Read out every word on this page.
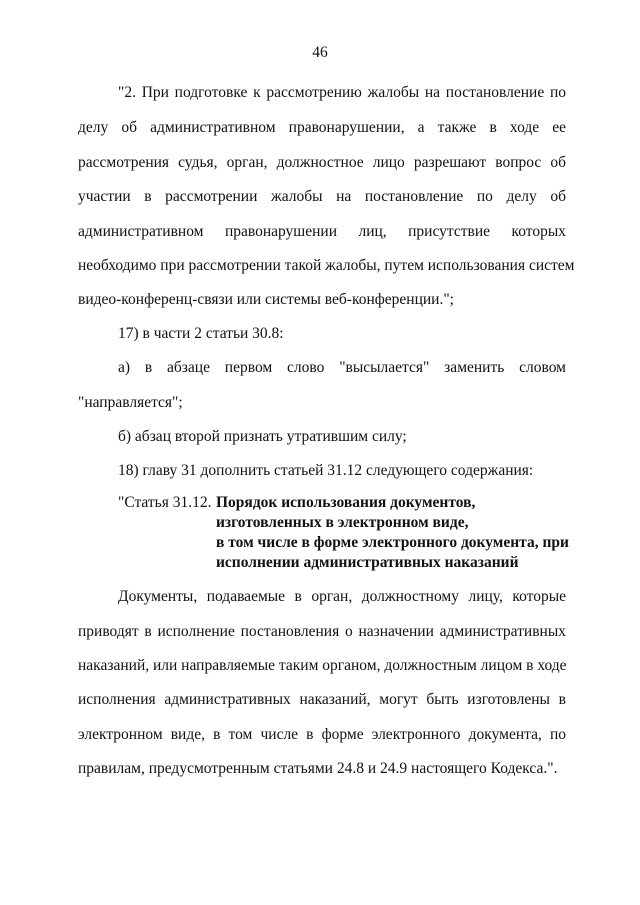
46
"2. При подготовке к рассмотрению жалобы на постановление по
делу об административном правонарушении, а также в ходе ее
рассмотрения судья, орган, должностное лицо разрешают вопрос об
участии в рассмотрении жалобы на постановление по делу об
административном правонарушении лиц, присутствие которых
необходимо при рассмотрении такой жалобы, путем использования систем
видео-конференц-связи или системы веб-конференции.";
17) в части 2 статьи 30.8:
а) в абзаце первом слово "высылается" заменить словом
"направляется";
б) абзац второй признать утратившим силу;
18) главу 31 дополнить статьей 31.12 следующего содержания:
"Статья 31.12. Порядок использования документов,
изготовленных в электронном виде,
в том числе в форме электронного документа, при
исполнении административных наказаний
Документы, подаваемые в орган, должностному лицу, которые
приводят в исполнение постановления о назначении административных
наказаний, или направляемые таким органом, должностным лицом в ходе
исполнения административных наказаний, могут быть изготовлены в
электронном виде, в том числе в форме электронного документа, по
правилам, предусмотренным статьями 24.8 и 24.9 настоящего Кодекса.".
